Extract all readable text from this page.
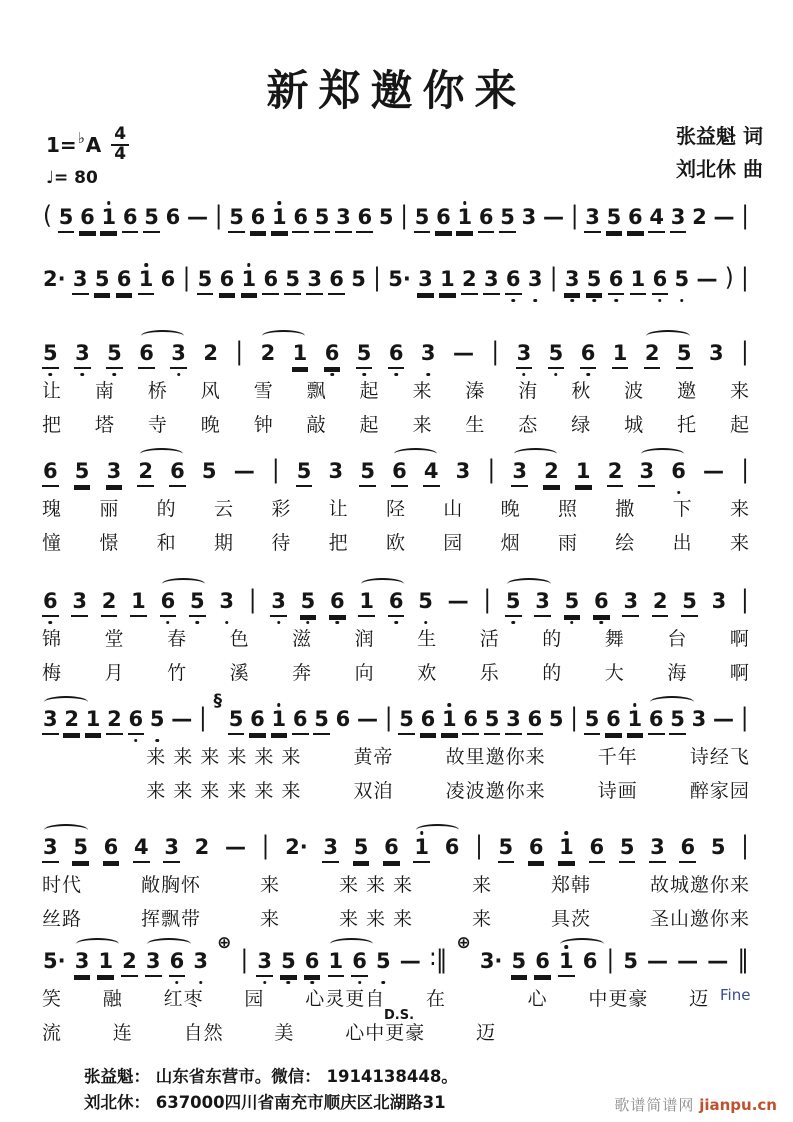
新郑邀你来
1= ♭ A $\frac{4}{4}$
♩= 80
张益魁 词
刘北休 曲
( 5 6 1 6 5 6 — | 5 6 1 6 5 3 6 5 | 5 6 1 6 5 3 — | 3 5 6 4 3 2 — |
2· 3 5 6 1 6 | 5 6 1 6 5 3 6 5 | 5· 3 1 2 3 6 3 | 3 5 6 1 6 5 — ) |
5 3 5 6 3 2 | 2 1 6 5 6 3 — | 3 5 6 1 2 5 3 |
让 南 桥 风 雪 飘 起 来 溱 洧 秋 波 邀 来
把 塔 寺 晚 钟 敲 起 来 生 态 绿 城 托 起
6 5 3 2 6 5 — | 5 3 5 6 4 3 | 3 2 1 2 3 6 — |
瑰 丽 的 云 彩 让 陉 山 晚 照 撒 下 来
憧 憬 和 期 待 把 欧 园 烟 雨 绘 出 来
6 3 2 1 6 5 3 | 3 5 6 1 6 5 — | 5 3 5 6 3 2 5 3 |
锦 堂 春 色 滋 润 生 活 的 舞 台 啊
梅 月 竹 溪 奔 向 欢 乐 的 大 海 啊
3 2 1 2 6 5 — |
§
5 6 1 6 5 6 — | 5 6 1 6 5 3 6 5 | 5 6 1 6 5 3 — |
来 来 来 来 来 来	黄帝	故里邀你来	千年	诗经飞
来 来 来 来 来 来	双洎	凌波邀你来	诗画	醉家园
3 5 6 4 3 2 — | 2· 3 5 6 1 6 | 5 6 1 6 5 3 6 5 |
时代	敞胸怀	来	来 来 来	来	郑韩	故城邀你来
丝路	挥飘带	来	来 来 来	来	具茨	圣山邀你来
5· 3 1 2 3 6 3
⊕
| 3 5 6 1 6 5 — ∶‖
⊕
3· 5 6 1 6 | 5 — — — ‖
笑 融 红枣 园 心灵更自 在	心 中更豪 迈
流	连	自然	美	心中更豪	迈
Fine
D.S.
张益魁： 山东省东营市。微信： 1914138448。
刘北休： 637000四川省南充市顺庆区北湖路31	歌谱简谱网 jianpu.cn
